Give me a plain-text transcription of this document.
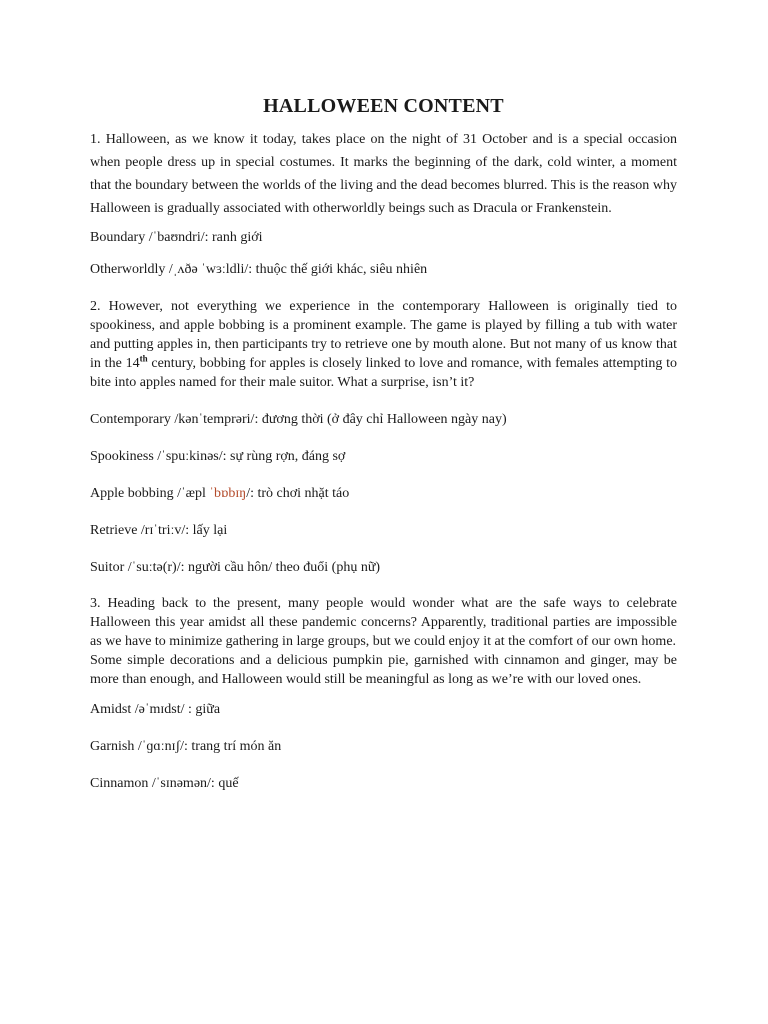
HALLOWEEN CONTENT

1. Halloween, as we know it today, takes place on the night of 31 October and is a special occasion when people dress up in special costumes. It marks the beginning of the dark, cold winter, a moment that the boundary between the worlds of the living and the dead becomes blurred. This is the reason why Halloween is gradually associated with otherworldly beings such as Dracula or Frankenstein.

Boundary /ˈbaʊndri/: ranh giới

Otherworldly /ˌʌðə ˈwɜːldli/: thuộc thế giới khác, siêu nhiên

2. However, not everything we experience in the contemporary Halloween is originally tied to spookiness, and apple bobbing is a prominent example. The game is played by filling a tub with water and putting apples in, then participants try to retrieve one by mouth alone. But not many of us know that in the 14th century, bobbing for apples is closely linked to love and romance, with females attempting to bite into apples named for their male suitor. What a surprise, isn’t it?

Contemporary /kənˈtemprəri/: đương thời (ở đây chỉ Halloween ngày nay)

Spookiness /ˈspuːkinəs/: sự rùng rợn, đáng sợ

Apple bobbing /ˈæpl ˈbɒbɪŋ/: trò chơi nhặt táo

Retrieve /rɪˈtriːv/: lấy lại

Suitor /ˈsuːtə(r)/: người cầu hôn/ theo đuổi (phụ nữ)

3. Heading back to the present, many people would wonder what are the safe ways to celebrate Halloween this year amidst all these pandemic concerns? Apparently, traditional parties are impossible as we have to minimize gathering in large groups, but we could enjoy it at the comfort of our own home.

Some simple decorations and a delicious pumpkin pie, garnished with cinnamon and ginger, may be more than enough, and Halloween would still be meaningful as long as we’re with our loved ones.

Amidst /əˈmɪdst/ : giữa

Garnish /ˈɡɑːnɪʃ/: trang trí món ăn

Cinnamon /ˈsɪnəmən/: quế
